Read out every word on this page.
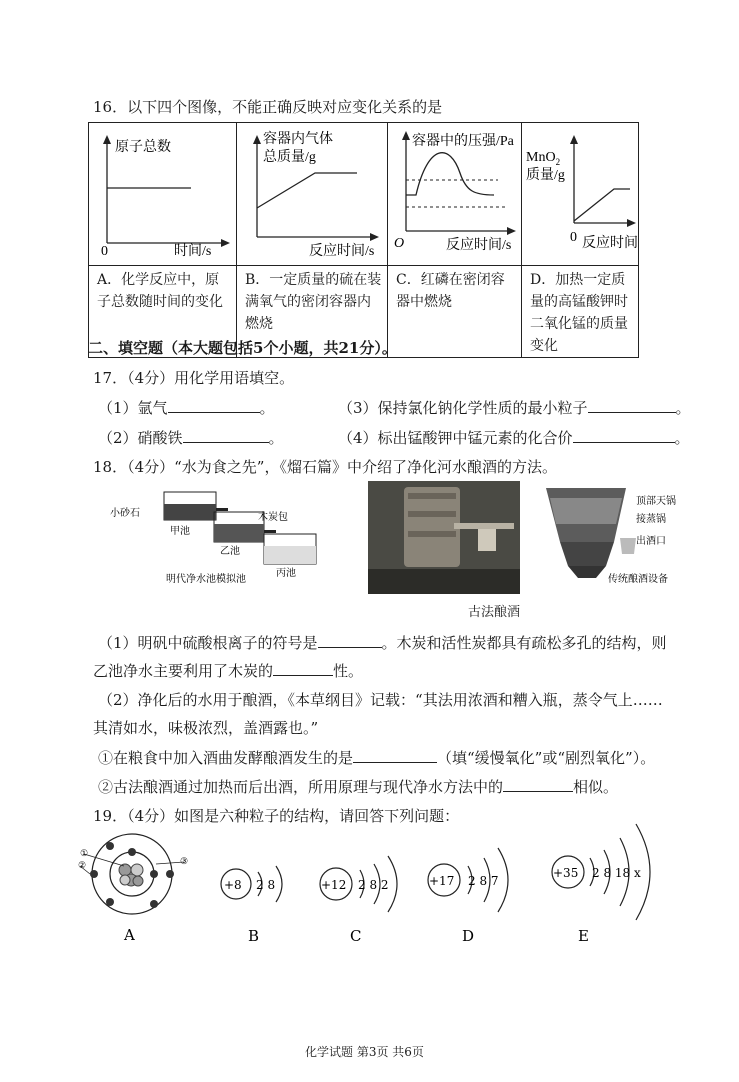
16．以下四个图像，不能正确反映对应变化关系的是
原子总数
0 时间/s	容器内气体
总质量/g
反应时间/s	容器中的压强/Pa
O 反应时间/s	MnO$_2$
质量/g
0 反应时间

A．化学反应中，原子总数随时间的变化	B．一定质量的硫在装满氧气的密闭容器内燃烧	C．红磷在密闭容器中燃烧	D．加热一定质量的高锰酸钾时二氧化锰的质量变化
二、填空题（本大题包括5个小题，共21分）。
17．（4分）用化学用语填空。
（1）氩气	。	（3）保持氯化钠化学性质的最小粒子	。
（2）硝酸铁	。	（4）标出锰酸钾中锰元素的化合价	。
18．（4分）“水为食之先”，《熘石篇》中介绍了净化河水酿酒的方法。
小砂石
甲池
木炭包
乙池
丙池
明代净水池模拟池
古法酿酒
顶部天锅
接蒸锅
出酒口
传统酿酒设备
（1）明矾中硫酸根离子的符号是	。木炭和活性炭都具有疏松多孔的结构，则
乙池净水主要利用了木炭的	性。
（2）净化后的水用于酿酒，《本草纲目》记载：“其法用浓酒和糟入瓶，蒸令气上……
其清如水，味极浓烈，盖酒露也。”
①在粮食中加入酒曲发酵酿酒发生的是	（填“缓慢氧化”或“剧烈氧化”）。
②古法酿酒通过加热而后出酒，所用原理与现代净水方法中的	相似。
19．（4分）如图是六种粒子的结构，请回答下列问题：
①
②	③
A
+8 2 8
B
+12 2 8 2
C
+17 2 8 7
D
+35 2 8 18 x
E
化学试题 第3页 共6页
